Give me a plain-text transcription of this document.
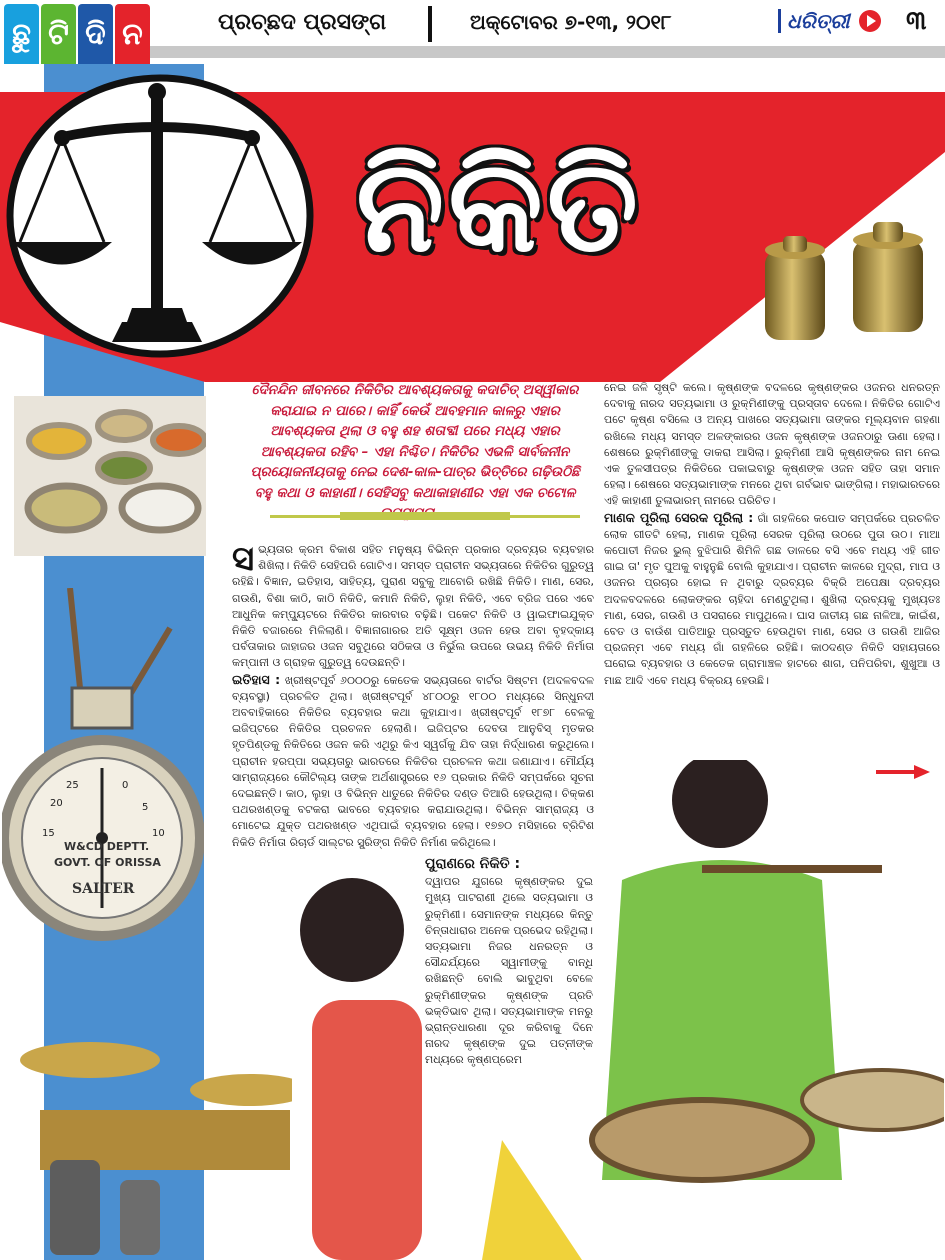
ଛୁ ଟି ଦି ନ	ପ୍ରଚ୍ଛଦ ପ୍ରସଙ୍ଗ	ଅକ୍ଟୋବର ୭-୧୩, ୨୦୧୮	ଧରିତ୍ରୀ ୩
ନିକିତି
0
5
10
15
20
25
W&CD DEPTT.
GOVT. OF ORISSA
SALTER
ଦୈନନ୍ଦିନ ଜୀବନରେ ନିକିତିର ଆବଶ୍ୟକତାକୁ କଦାଚିତ୍ ଅସ୍ୱୀକାର କରାଯାଇ ନ ପାରେ। କାହିଁ କେଉଁ ଆବହମାନ କାଳରୁ ଏହାର ଆବଶ୍ୟକତା ଥିଲା ଓ ବହୁ ଶହ ଶତାବ୍ଦୀ ପରେ ମଧ୍ୟ ଏହାର ଆବଶ୍ୟକତା ରହିବ – ଏହା ନିଶ୍ଚିତ। ନିକିତିର ଏଭଳି ସାର୍ବଜନୀନ ପ୍ରୟୋଜନୀୟତାକୁ ନେଇ ଦେଶ-କାଳ-ପାତ୍ର ଭିତ୍ତିରେ ଗଢ଼ିଉଠିଛି ବହୁ କଥା ଓ କାହାଣୀ। ସେହିସବୁ କଥାକାହାଣୀର ଏହା ଏକ ଚଟୋଳ

ସ ଭ୍ୟତାର କ୍ରମ ବିକାଶ ସହିତ ମନୁଷ୍ୟ ବିଭିନ୍ନ ପ୍ରକାର ଦ୍ରବ୍ୟର ବ୍ୟବହାର ଶିଖିଲା। ନିକିତି ସେହିପରି ଗୋଟିଏ। ସମସ୍ତ ପ୍ରାଚୀନ ସଭ୍ୟତାରେ ନିକିତିର ଗୁରୁତ୍ୱ ରହିଛି। ବିଜ୍ଞାନ, ଇତିହାସ, ସାହିତ୍ୟ, ପୁରାଣ ସବୁକୁ ଆବୋରି ରଖିଛି ନିକିତି। ମାଣ, ସେର, ଗଉଣି, ବିଶା କାଠି, କାଠି ନିକିତି, କମାନି ନିକିତି, ଲୁହା ନିକିତି, ଏବେ ବ୍ରିଜ ପରେ ଏବେ ଆଧୁନିକ କମ୍ପ୍ୟୁଟରେ ନିକିତିର କାରବାର ବଢ଼ିଛି। ପକେଟ ନିକିତି ଓ ୱାଇଫାଇଯୁକ୍ତ ନିକିତି ବଜାରରେ ମିଳିଲାଣି। ବିଜ୍ଞାନାଗାରର ଅତି ସୂକ୍ଷ୍ମ ଓଜନ ହେଉ ଅବା ବୃହଦ୍‌କାୟ ପର୍ବତାକାର ଜାହାଜର ଓଜନ ସବୁଥିରେ ସଠିକତା ଓ ନିର୍ଭୁଲ ଉପରେ ଉଭୟ ନିକିତି ନିର୍ମାତା କମ୍ପାନୀ ଓ ଗ୍ରାହକ ଗୁରୁତ୍ୱ ଦେଉଛନ୍ତି।

ଇତିହାସ : ଖ୍ରୀଷ୍ଟପୂର୍ବ ୬୦୦୦ରୁ କେତେକ ସଭ୍ୟତାରେ ବାର୍ଟର ସିଷ୍ଟମ (ଅଦଳବଦଳ ବ୍ୟବସ୍ଥା) ପ୍ରଚଳିତ ଥିଲା। ଖ୍ରୀଷ୍ଟପୂର୍ବ ୪୮୦୦ରୁ ୧୮୦୦ ମଧ୍ୟରେ ସିନ୍ଧୁନଦୀ ଅବବାହିକାରେ ନିକିତିର ବ୍ୟବହାର କଥା କୁହାଯାଏ। ଖ୍ରୀଷ୍ଟପୂର୍ବ ୧୮୭୮ ବେଳକୁ ଇଜିପ୍ଟରେ ନିକିତିର ପ୍ରଚଳନ ହେଲାଣି। ଇଜିପ୍ଟର ଦେବତା ଆନୁବିସ୍ ମୃତକର ହୃତପିଣ୍ଡକୁ ନିକିତିରେ ଓଜନ କରି ଏଥିରୁ କିଏ ସ୍ୱର୍ଗକୁ ଯିବ ତାହା ନିର୍ଦ୍ଧାରଣ କରୁଥିଲେ। ପ୍ରାଚୀନ ହରପ୍ପା ସଭ୍ୟତାରୁ ଭାରତରେ ନିକିତିର ପ୍ରଚଳନ କଥା ଜଣାଯାଏ। ମୌର୍ଯ୍ୟ ସାମ୍ରାଜ୍ୟରେ କୌଟିଲ୍ୟ ତାଙ୍କ ଅର୍ଥଶାସ୍ତ୍ରରେ ୧୬ ପ୍ରକାର ନିକିତି ସମ୍ପର୍କରେ ସୂଚନା ଦେଇଛନ୍ତି। କାଠ, ଲୁହା ଓ ବିଭିନ୍ନ ଧାତୁରେ ନିକିତିର ଦଣ୍ଡ ତିଆରି ହେଉଥିଲା। ଚିକ୍କଣ ପଥରଖଣ୍ଡକୁ ବଟକରା ଭାବରେ ବ୍ୟବହାର କରାଯାଉଥିଲା। ବିଭିନ୍ନ ସାମ୍ରାଜ୍ୟ ଓ ମୋଟେଇ ଯୁକ୍ତ ପଥରଖଣ୍ଡ ଏଥିପାଇଁ ବ୍ୟବହାର ହେଲା। ୧୭୭୦ ମସିହାରେ ବ୍ରିଟିଶ ନିକିତି ନିର୍ମାତା ରିଚାର୍ଡ ସାଲ୍‌ଟର ସ୍ପ୍ରିଙ୍ଗ ନିକିତି ନିର୍ମାଣ କରିଥିଲେ।

ପୁରାଣରେ ନିକିତି :

ଦ୍ୱାପର ଯୁଗରେ କୃଷ୍ଣଙ୍କର ଦୁଇ ମୁଖ୍ୟ ପାଟରାଣୀ ଥିଲେ ସତ୍ୟଭାମା ଓ ରୁକ୍ମିଣୀ। ସେମାନଙ୍କ ମଧ୍ୟରେ କିନ୍ତୁ ଚିନ୍ତାଧାରାର ଅନେକ ପ୍ରଭେଦ ରହିଥିଲା। ସତ୍ୟଭାମା ନିଜର ଧନରତ୍ନ ଓ ସୌନ୍ଦର୍ଯ୍ୟରେ ସ୍ୱାମୀଙ୍କୁ ବାନ୍ଧି ରଖିଛନ୍ତି ବୋଲି ଭାବୁଥିବା ବେଳେ ରୁକ୍ମିଣୀଙ୍କର କୃଷ୍ଣଙ୍କ ପ୍ରତି ଭକ୍ତିଭାବ ଥିଲା। ସତ୍ୟଭାମାଙ୍କ ମନରୁ ଭ୍ରାନ୍ତଧାରଣା ଦୂର କରିବାକୁ ଦିନେ ନାରଦ କୃଷ୍ଣଙ୍କ ଦୁଇ ପତ୍ନୀଙ୍କ ମଧ୍ୟରେ କୃଷ୍ଣପ୍ରେମ

ନେଇ ଜଳି ସୃଷ୍ଟି କଲେ। କୃଷ୍ଣଙ୍କ ବଦଳରେ କୃଷ୍ଣଙ୍କର ଓଜନର ଧନରତ୍ନ ଦେବାକୁ ନାରଦ ସତ୍ୟଭାମା ଓ ରୁକ୍ମିଣୀଙ୍କୁ ପ୍ରସ୍ତାବ ଦେଲେ। ନିକିତିର ଗୋଟିଏ ପଟେ କୃଷ୍ଣ ବସିଲେ ଓ ଅନ୍ୟ ପାଖରେ ସତ୍ୟଭାମା ତାଙ୍କର ମୂଲ୍ୟବାନ ଗହଣା ରଖିଲେ ମଧ୍ୟ ସମସ୍ତ ଅଳଙ୍କାରର ଓଜନ କୃଷ୍ଣଙ୍କ ଓଜନଠାରୁ ଊଣା ହେଲା। ଶେଷରେ ରୁକ୍ମିଣୀଙ୍କୁ ଡାକରା ଆସିଲା। ରୁକ୍ମିଣୀ ଆସି କୃଷ୍ଣଙ୍କର ନାମ ନେଇ ଏକ ତୁଳସୀପତ୍ର ନିକିତିରେ ପକାଇବାରୁ କୃଷ୍ଣଙ୍କ ଓଜନ ସହିତ ତାହା ସମାନ ହେଲା। ଶେଷରେ ସତ୍ୟଭାମାଙ୍କ ମନରେ ଥିବା ଗର୍ବଭାବ ଭାଙ୍ଗିଲା। ମହାଭାରତରେ ଏହି କାହାଣୀ ତୁଳାଭାରମ୍ ନାମରେ ପରିଚିତ।

ମାଣକ ପୂରିଲା ସେରକ ପୂରିଲା : ଗାଁ ଗହଳିରେ କପୋତ ସମ୍ପର୍କରେ ପ୍ରଚଳିତ ଲୋକ ଗୀତଟି ହେଲା, ମାଣକ ପୂରିଲା ସେରକ ପୂରିଲା ଉଠରେ ପୁତା ଉଠ। ମାଆ କପୋତୀ ନିଜର ଭୁଲ୍ ବୁଝିପାରି ଶିମିଳି ଗଛ ଡାଳରେ ବସି ଏବେ ମଧ୍ୟ ଏହି ଗୀତ ଗାଇ ତା' ମୃତ ପୁଅକୁ ବାହୁନୁଛି ବୋଲି କୁହାଯାଏ। ପ୍ରାଚୀନ କାଳରେ ମୁଦ୍ରା, ମାପ ଓ ଓଜନର ପ୍ରଚାର ହୋଇ ନ ଥିବାରୁ ଦ୍ରବ୍ୟର ବିକ୍ରି ଅପେକ୍ଷା ଦ୍ରବ୍ୟର ଅଦଳବଦଳରେ ଲୋକଙ୍କର ଚାହିଦା ମେଣ୍ଟୁଥିଲା। ଶୁଖିଲା ଦ୍ରବ୍ୟକୁ ମୁଖ୍ୟତଃ ମାଣ, ସେର, ଗଉଣି ଓ ପସରାରେ ମାପୁଥିଲେ। ଘାସ ଜାତୀୟ ଗଛ ନାଳିଆ, କାଇଁଶ, ବେତ ଓ ବାଉଁଶ ପାତିଆରୁ ପ୍ରସ୍ତୁତ ହେଉଥିବା ମାଣ, ସେର ଓ ଗଉଣି ଆଜିର ପ୍ରଜନ୍ମ ଏବେ ମଧ୍ୟ ଗାଁ ଗହଳିରେ ରହିଛି। କାଠଦଣ୍ଡ ନିକିତି ସହାୟତାରେ ଘରୋଇ ବ୍ୟବହାର ଓ କେତେକ ଗ୍ରାମାଞ୍ଚଳ ହାଟରେ ଶାଗ, ପନିପରିବା, ଶୁଖୁଆ ଓ ମାଛ ଆଦି ଏବେ ମଧ୍ୟ ବିକ୍ରୟ ହେଉଛି।
